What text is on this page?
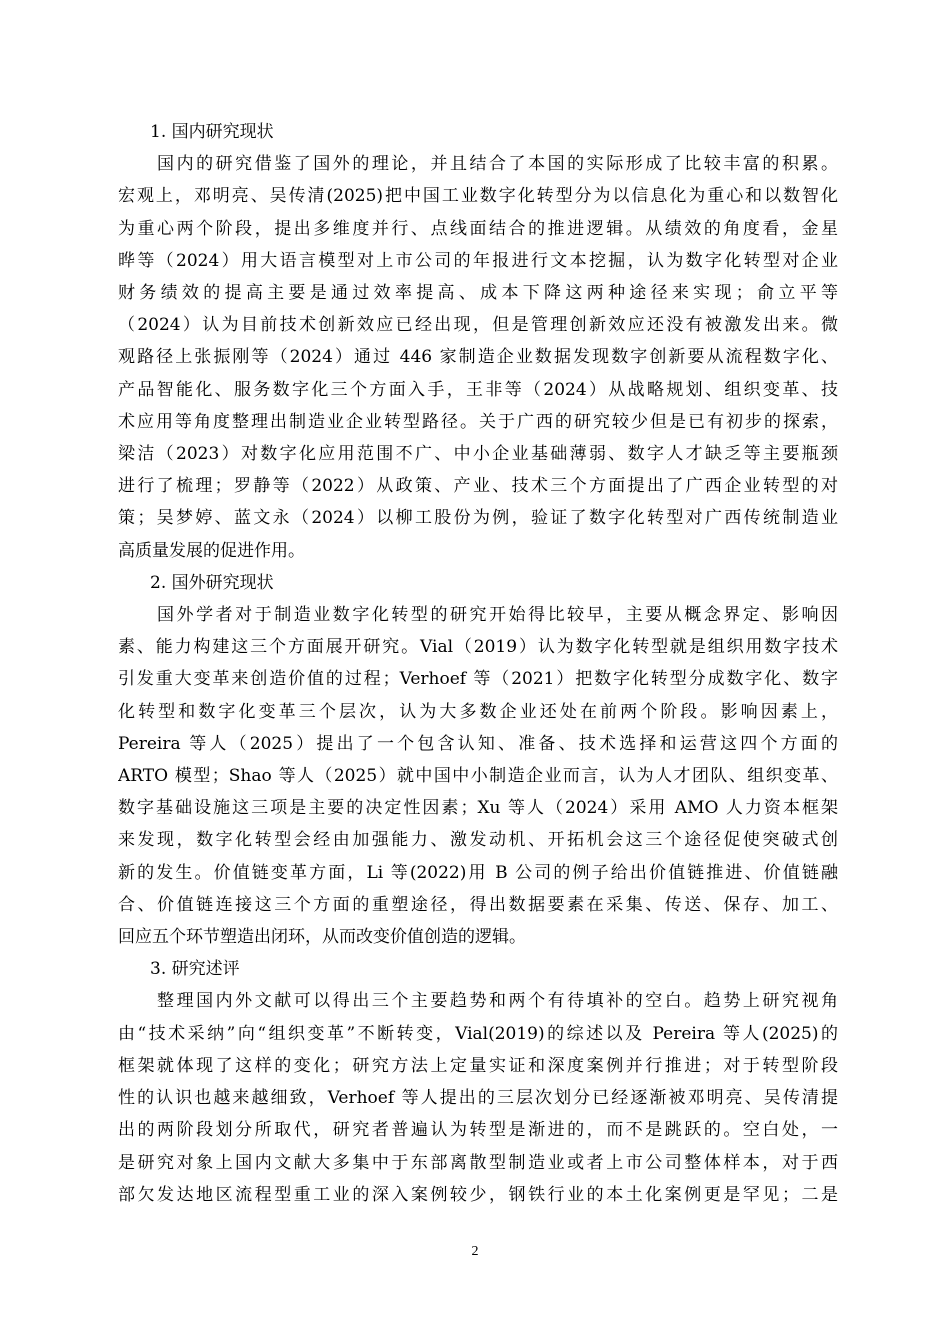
1. 国内研究现状

　　国内的研究借鉴了国外的理论，并且结合了本国的实际形成了比较丰富的积累。
宏观上，邓明亮、吴传清(2025)把中国工业数字化转型分为以信息化为重心和以数智化
为重心两个阶段，提出多维度并行、点线面结合的推进逻辑。从绩效的角度看，金星
晔等（2024）用大语言模型对上市公司的年报进行文本挖掘，认为数字化转型对企业
财务绩效的提高主要是通过效率提高、成本下降这两种途径来实现；俞立平等
（2024）认为目前技术创新效应已经出现，但是管理创新效应还没有被激发出来。微
观路径上张振刚等（2024）通过 446 家制造企业数据发现数字创新要从流程数字化、
产品智能化、服务数字化三个方面入手，王非等（2024）从战略规划、组织变革、技
术应用等角度整理出制造业企业转型路径。关于广西的研究较少但是已有初步的探索，
梁洁（2023）对数字化应用范围不广、中小企业基础薄弱、数字人才缺乏等主要瓶颈
进行了梳理；罗静等（2022）从政策、产业、技术三个方面提出了广西企业转型的对
策；吴梦婷、蓝文永（2024）以柳工股份为例，验证了数字化转型对广西传统制造业
高质量发展的促进作用。

2. 国外研究现状

　　国外学者对于制造业数字化转型的研究开始得比较早，主要从概念界定、影响因
素、能力构建这三个方面展开研究。Vial（2019）认为数字化转型就是组织用数字技术
引发重大变革来创造价值的过程；Verhoef 等（2021）把数字化转型分成数字化、数字
化转型和数字化变革三个层次，认为大多数企业还处在前两个阶段。影响因素上，
Pereira 等人（2025）提出了一个包含认知、准备、技术选择和运营这四个方面的
ARTO 模型；Shao 等人（2025）就中国中小制造企业而言，认为人才团队、组织变革、
数字基础设施这三项是主要的决定性因素；Xu 等人（2024）采用 AMO 人力资本框架
来发现，数字化转型会经由加强能力、激发动机、开拓机会这三个途径促使突破式创
新的发生。价值链变革方面，Li 等(2022)用 B 公司的例子给出价值链推进、价值链融
合、价值链连接这三个方面的重塑途径，得出数据要素在采集、传送、保存、加工、
回应五个环节塑造出闭环，从而改变价值创造的逻辑。

3. 研究述评

　　整理国内外文献可以得出三个主要趋势和两个有待填补的空白。趋势上研究视角
由“技术采纳”向“组织变革”不断转变，Vial(2019)的综述以及 Pereira 等人(2025)的
框架就体现了这样的变化；研究方法上定量实证和深度案例并行推进；对于转型阶段
性的认识也越来越细致，Verhoef 等人提出的三层次划分已经逐渐被邓明亮、吴传清提
出的两阶段划分所取代，研究者普遍认为转型是渐进的，而不是跳跃的。空白处，一
是研究对象上国内文献大多集中于东部离散型制造业或者上市公司整体样本，对于西
部欠发达地区流程型重工业的深入案例较少，钢铁行业的本土化案例更是罕见；二是
2
